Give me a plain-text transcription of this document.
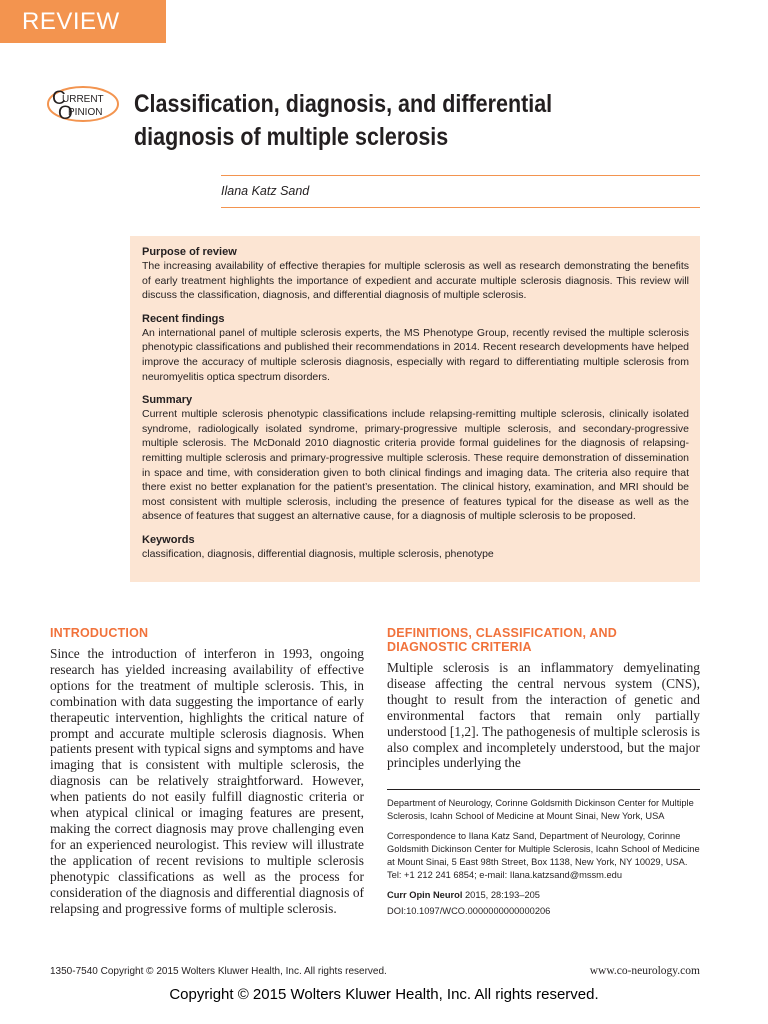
REVIEW
C
URRENT
O
PINION Classification, diagnosis, and differential diagnosis of multiple sclerosis
Ilana Katz Sand
Purpose of review

The increasing availability of effective therapies for multiple sclerosis as well as research demonstrating the benefits of early treatment highlights the importance of expedient and accurate multiple sclerosis diagnosis. This review will discuss the classification, diagnosis, and differential diagnosis of multiple sclerosis.

Recent findings

An international panel of multiple sclerosis experts, the MS Phenotype Group, recently revised the multiple sclerosis phenotypic classifications and published their recommendations in 2014. Recent research developments have helped improve the accuracy of multiple sclerosis diagnosis, especially with regard to differentiating multiple sclerosis from neuromyelitis optica spectrum disorders.

Summary

Current multiple sclerosis phenotypic classifications include relapsing-remitting multiple sclerosis, clinically isolated syndrome, radiologically isolated syndrome, primary-progressive multiple sclerosis, and secondary-progressive multiple sclerosis. The McDonald 2010 diagnostic criteria provide formal guidelines for the diagnosis of relapsing-remitting multiple sclerosis and primary-progressive multiple sclerosis. These require demonstration of dissemination in space and time, with consideration given to both clinical findings and imaging data. The criteria also require that there exist no better explanation for the patient’s presentation. The clinical history, examination, and MRI should be most consistent with multiple sclerosis, including the presence of features typical for the disease as well as the absence of features that suggest an alternative cause, for a diagnosis of multiple sclerosis to be proposed.

Keywords

classification, diagnosis, differential diagnosis, multiple sclerosis, phenotype

INTRODUCTION

Since the introduction of interferon in 1993, ongoing research has yielded increasing availability of effective options for the treatment of multiple sclerosis. This, in combination with data suggesting the importance of early therapeutic intervention, highlights the critical nature of prompt and accurate multiple sclerosis diagnosis. When patients present with typical signs and symptoms and have imaging that is consistent with multiple sclerosis, the diagnosis can be relatively straightforward. However, when patients do not easily fulfill diagnostic criteria or when atypical clinical or imaging features are present, making the correct diagnosis may prove challenging even for an experienced neurologist. This review will illustrate the application of recent revisions to multiple sclerosis phenotypic classifications as well as the process for consideration of the diagnosis and differential diagnosis of relapsing and progressive forms of multiple sclerosis.

DEFINITIONS, CLASSIFICATION, AND
DIAGNOSTIC CRITERIA

Multiple sclerosis is an inflammatory demyelinating disease affecting the central nervous system (CNS), thought to result from the interaction of genetic and environmental factors that remain only partially understood [1,2]. The pathogenesis of multiple sclerosis is also complex and incompletely understood, but the major principles underlying the

Department of Neurology, Corinne Goldsmith Dickinson Center for Multiple Sclerosis, Icahn School of Medicine at Mount Sinai, New York, USA

Correspondence to Ilana Katz Sand, Department of Neurology, Corinne Goldsmith Dickinson Center for Multiple Sclerosis, Icahn School of Medicine at Mount Sinai, 5 East 98th Street, Box 1138, New York, NY 10029, USA. Tel: +1 212 241 6854; e-mail: Ilana.katzsand@mssm.edu

Curr Opin Neurol 2015, 28:193–205
DOI:10.1097/WCO.0000000000000206
1350-7540 Copyright © 2015 Wolters Kluwer Health, Inc. All rights reserved.	www.co-neurology.com
Copyright © 2015 Wolters Kluwer Health, Inc. All rights reserved.
